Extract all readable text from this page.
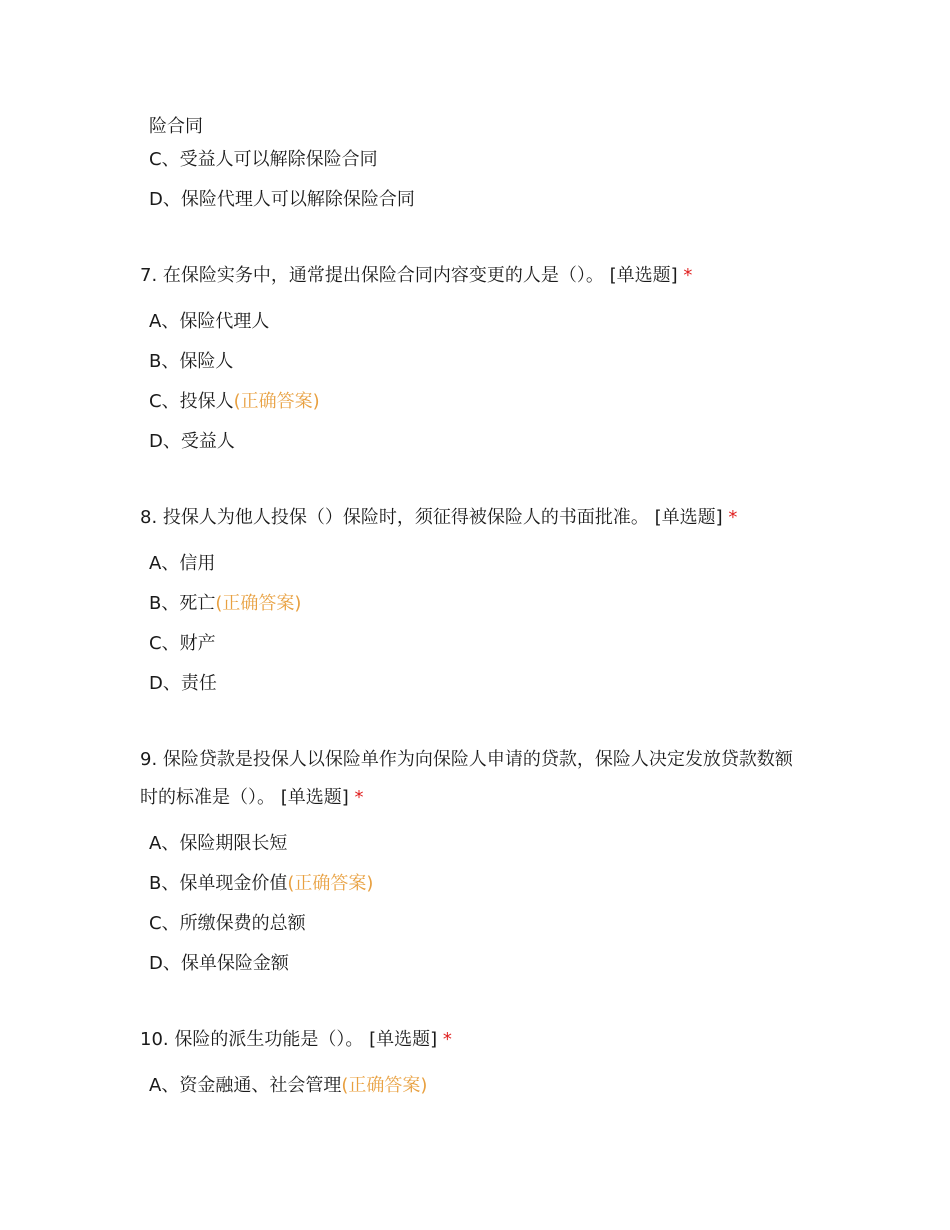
险合同
C、受益人可以解除保险合同
D、保险代理人可以解除保险合同
7. 在保险实务中，通常提出保险合同内容变更的人是（）。 [单选题] *
A、保险代理人
B、保险人
C、投保人(正确答案)
D、受益人
8. 投保人为他人投保（）保险时，须征得被保险人的书面批准。 [单选题] *
A、信用
B、死亡(正确答案)
C、财产
D、责任
9. 保险贷款是投保人以保险单作为向保险人申请的贷款，保险人决定发放贷款数额
时的标准是（）。 [单选题] *
A、保险期限长短
B、保单现金价值(正确答案)
C、所缴保费的总额
D、保单保险金额
10. 保险的派生功能是（）。 [单选题] *
A、资金融通、社会管理(正确答案)
